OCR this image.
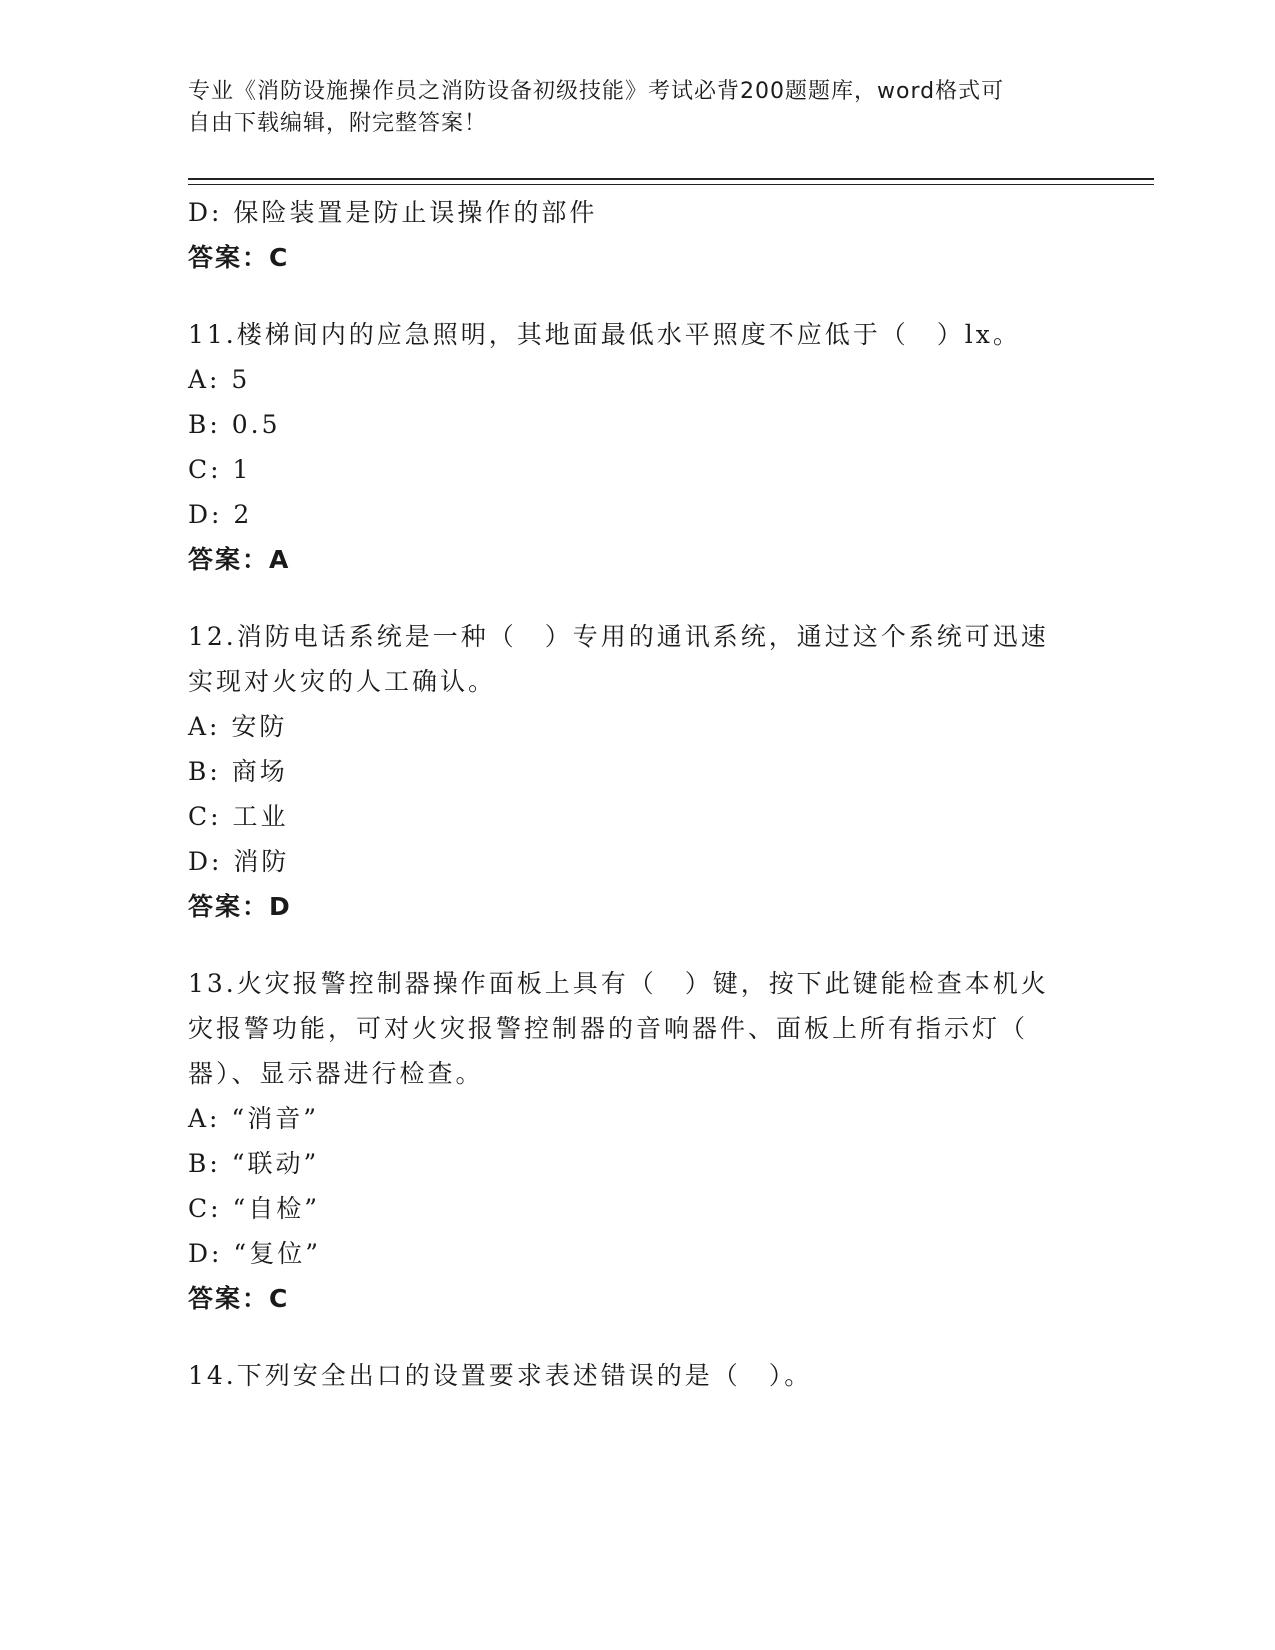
专业《消防设施操作员之消防设备初级技能》考试必背200题题库，word格式可
自由下载编辑，附完整答案！
D: 保险装置是防止误操作的部件
答案：C
11.楼梯间内的应急照明，其地面最低水平照度不应低于（　）lx。
A: 5
B: 0.5
C: 1
D: 2
答案：A
12.消防电话系统是一种（　）专用的通讯系统，通过这个系统可迅速
实现对火灾的人工确认。
A: 安防
B: 商场
C: 工业
D: 消防
答案：D
13.火灾报警控制器操作面板上具有（　）键，按下此键能检查本机火
灾报警功能，可对火灾报警控制器的音响器件、面板上所有指示灯（
器）、显示器进行检查。
A: “消音”
B: “联动”
C: “自检”
D: “复位”
答案：C
14.下列安全出口的设置要求表述错误的是（　）。
